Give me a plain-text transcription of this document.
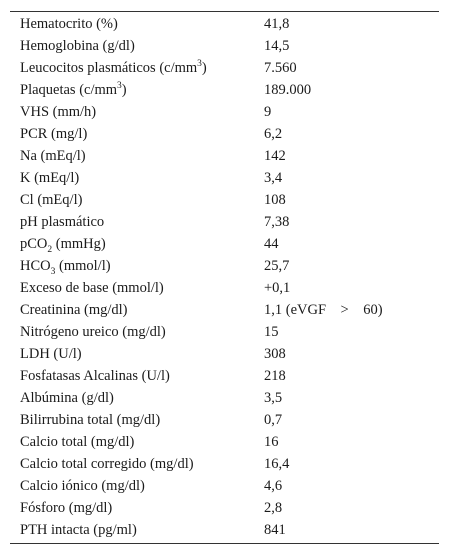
Hematocrito (%)	41,8
Hemoglobina (g/dl)	14,5
Leucocitos plasmáticos $(c/mm^3)$	7.560
Plaquetas $(c/mm^3)$	189.000
VHS (mm/h)	9
PCR (mg/l)	6,2
Na (mEq/l)	142
K (mEq/l)	3,4
Cl (mEq/l)	108
pH plasmático	7,38
pCO$_2$ (mmHg)	44
$HCO_3$ (mmol/l)	25,7
Exceso de base (mmol/l)	+0,1
Creatinina (mg/dl)	1,1 (eVGF    >    60)
Nitrógeno ureico (mg/dl)	15
LDH (U/l)	308
Fosfatasas Alcalinas (U/l)	218
Albúmina (g/dl)	3,5
Bilirrubina total (mg/dl)	0,7
Calcio total (mg/dl)	16
Calcio total corregido (mg/dl)	16,4
Calcio iónico (mg/dl)	4,6
Fósforo (mg/dl)	2,8
PTH intacta (pg/ml)	841
